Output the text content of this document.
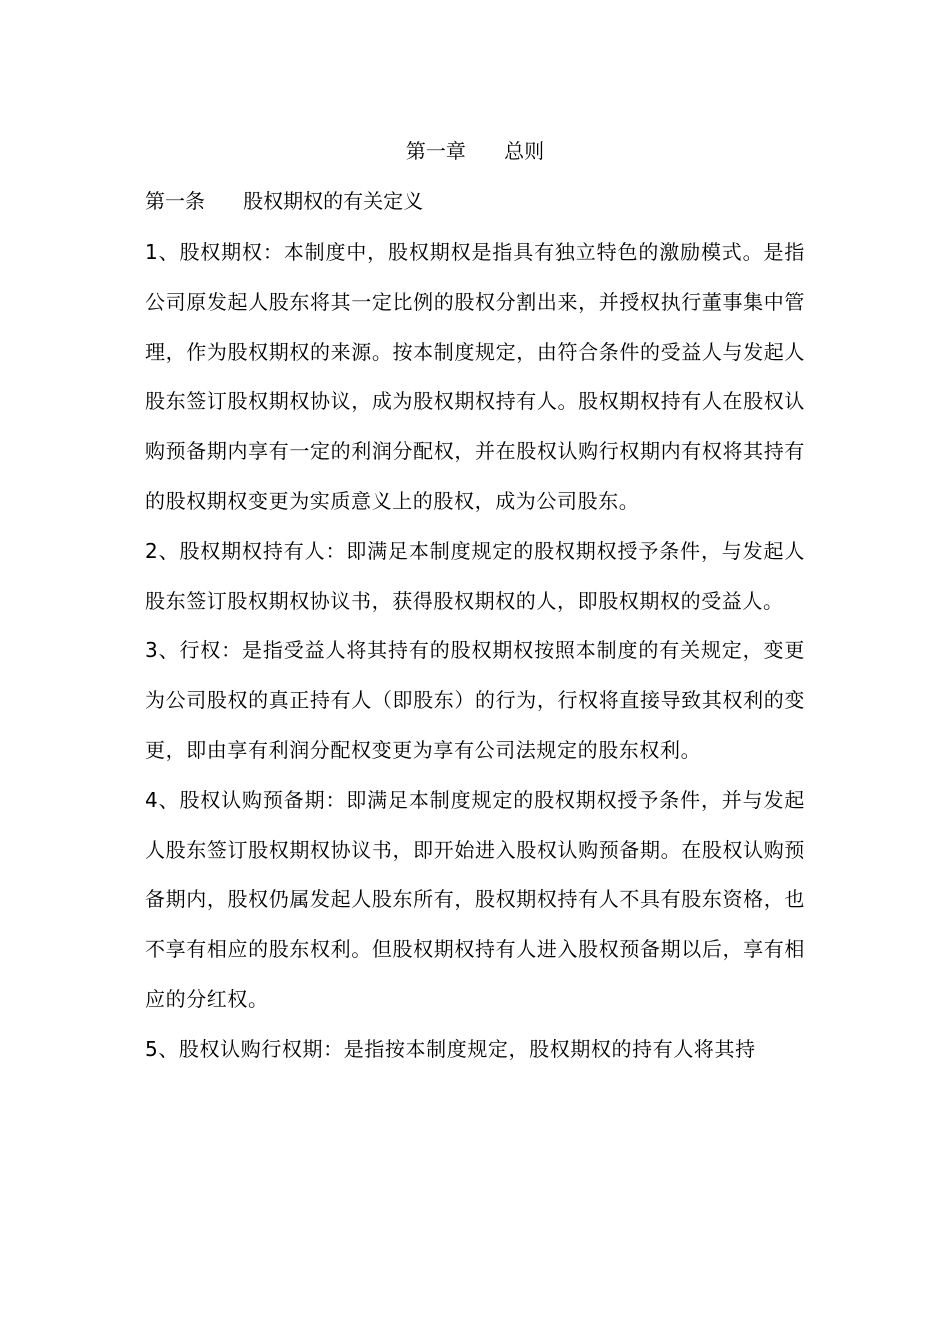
第一章      总则
第一条      股权期权的有关定义

1、股权期权：本制度中，股权期权是指具有独立特色的激励模式。是指公司原发起人股东将其一定比例的股权分割出来，并授权执行董事集中管理，作为股权期权的来源。按本制度规定，由符合条件的受益人与发起人股东签订股权期权协议，成为股权期权持有人。股权期权持有人在股权认购预备期内享有一定的利润分配权，并在股权认购行权期内有权将其持有的股权期权变更为实质意义上的股权，成为公司股东。

2、股权期权持有人：即满足本制度规定的股权期权授予条件，与发起人股东签订股权期权协议书，获得股权期权的人，即股权期权的受益人。

3、行权：是指受益人将其持有的股权期权按照本制度的有关规定，变更为公司股权的真正持有人（即股东）的行为，行权将直接导致其权利的变更，即由享有利润分配权变更为享有公司法规定的股东权利。

4、股权认购预备期：即满足本制度规定的股权期权授予条件，并与发起人股东签订股权期权协议书，即开始进入股权认购预备期。在股权认购预备期内，股权仍属发起人股东所有，股权期权持有人不具有股东资格，也不享有相应的股东权利。但股权期权持有人进入股权预备期以后，享有相应的分红权。

5、股权认购行权期：是指按本制度规定，股权期权的持有人将其持
